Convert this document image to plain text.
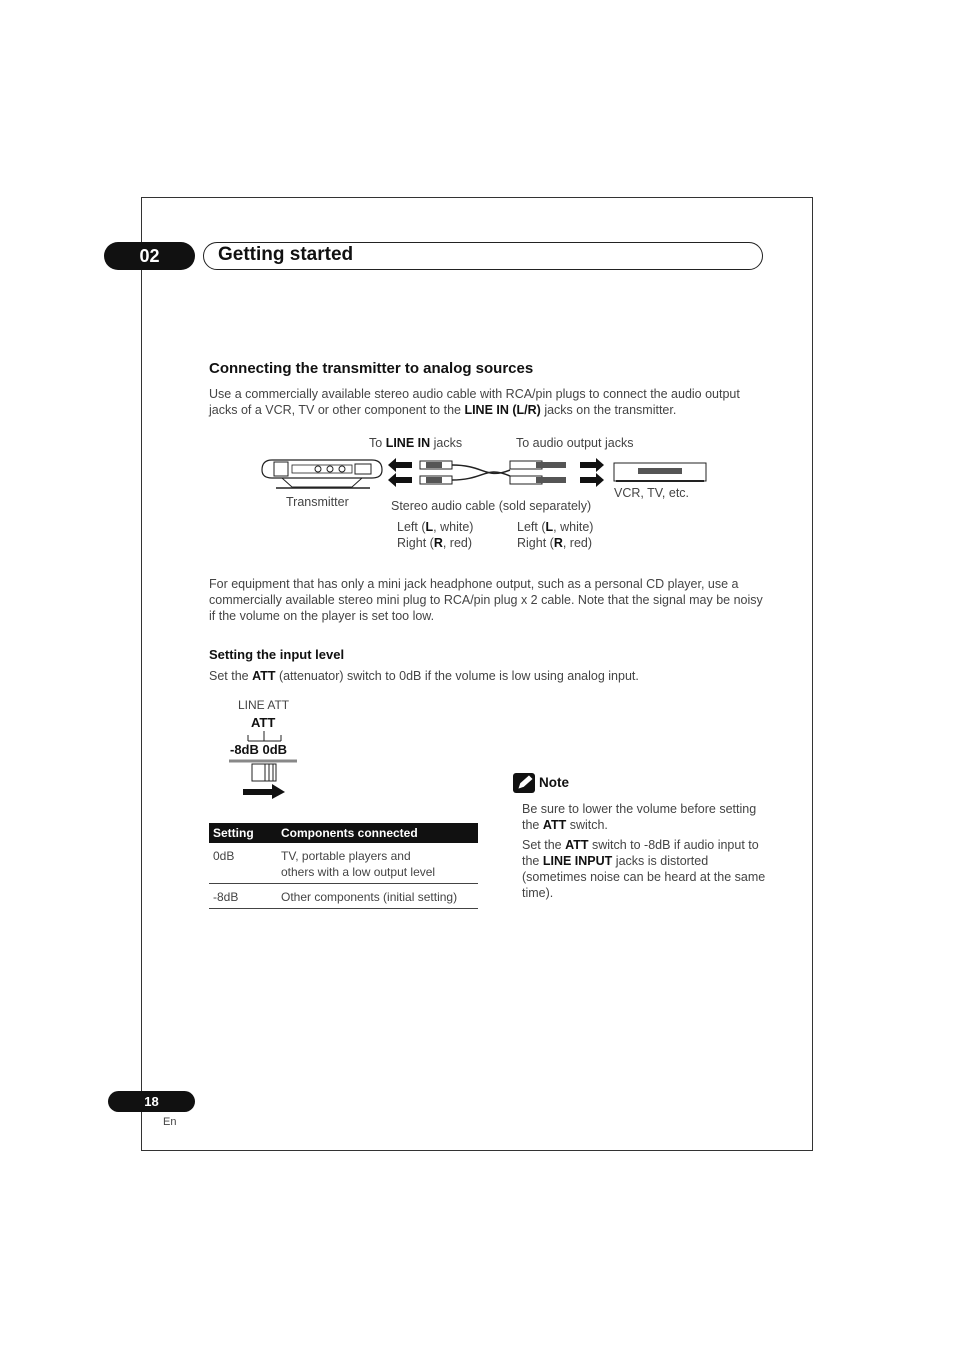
02	Getting started
Connecting the transmitter to analog sources
Use a commercially available stereo audio cable with RCA/pin plugs to connect the audio output jacks of a VCR, TV or other component to the LINE IN (L/R) jacks on the transmitter.
To LINE IN jacks	To audio output jacks
Transmitter	Stereo audio cable (sold separately)
VCR, TV, etc.
Left (L, white)
Right (R, red)
Left (L, white)
Right (R, red)
For equipment that has only a mini jack headphone output, such as a personal CD player, use a commercially available stereo mini plug to RCA/pin plug x 2 cable. Note that the signal may be noisy if the volume on the player is set too low.
Setting the input level
Set the ATT (attenuator) switch to 0dB if the volume is low using analog input.
LINE ATT
ATT
-8dB 0dB
Setting	Components connected
0dB	TV, portable players and
others with a low output level
-8dB	Other components (initial setting)
Note
Be sure to lower the volume before setting the ATT switch.
Set the ATT switch to -8dB if audio input to the LINE INPUT jacks is distorted (sometimes noise can be heard at the same time).
18
En
